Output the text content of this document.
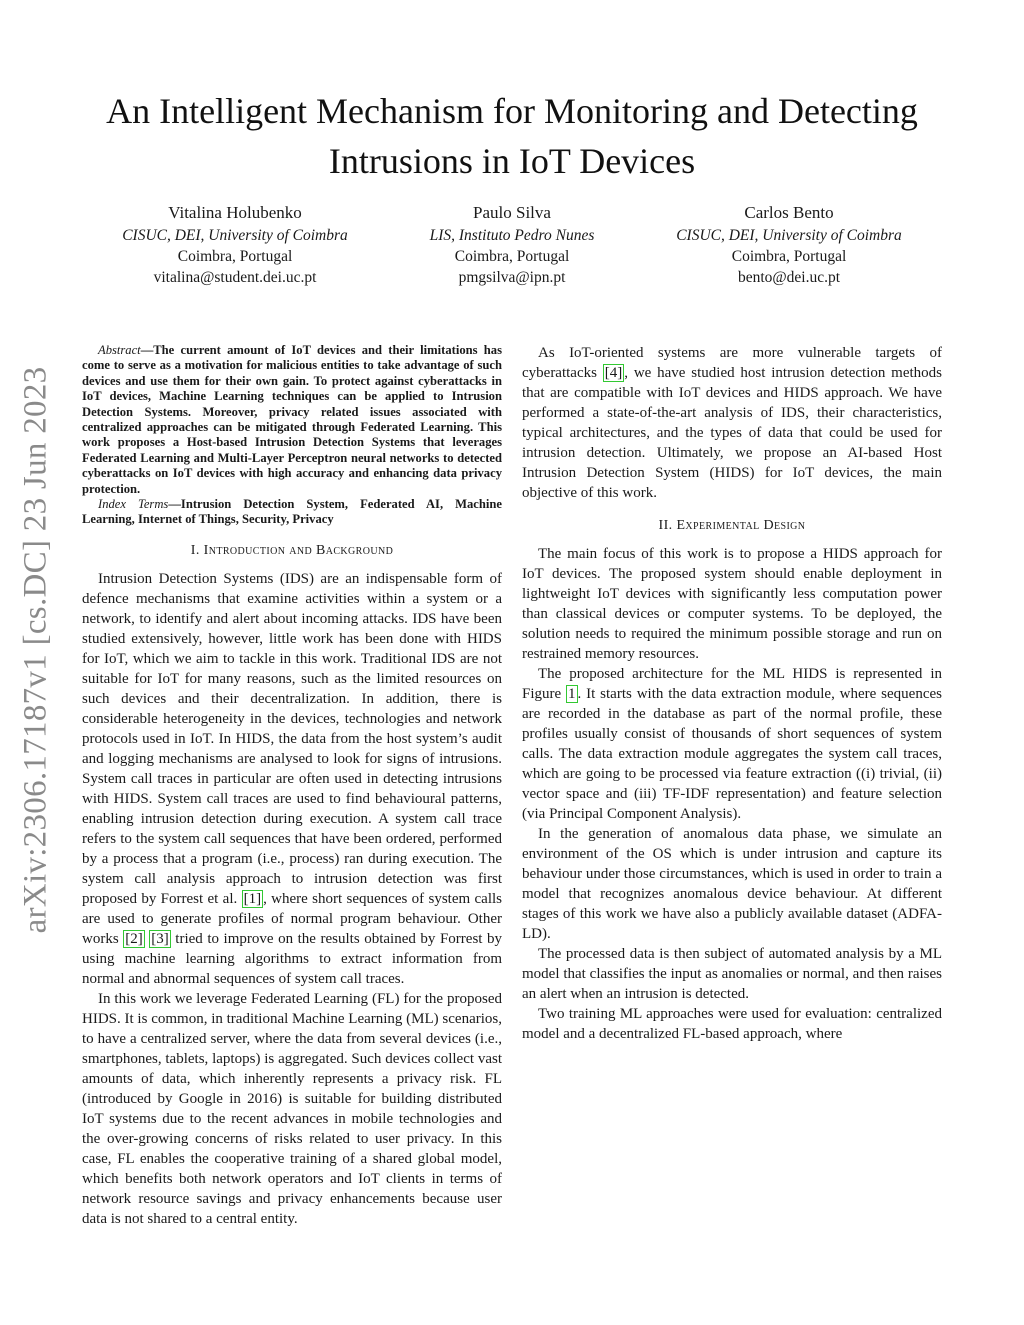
arXiv:2306.17187v1 [cs.DC] 23 Jun 2023
An Intelligent Mechanism for Monitoring and Detecting Intrusions in IoT Devices
Vitalina Holubenko
CISUC, DEI, University of Coimbra
Coimbra, Portugal
vitalina@student.dei.uc.pt
Paulo Silva
LIS, Instituto Pedro Nunes
Coimbra, Portugal
pmgsilva@ipn.pt
Carlos Bento
CISUC, DEI, University of Coimbra
Coimbra, Portugal
bento@dei.uc.pt

Abstract—The current amount of IoT devices and their limitations has come to serve as a motivation for malicious entities to take advantage of such devices and use them for their own gain. To protect against cyberattacks in IoT devices, Machine Learning techniques can be applied to Intrusion Detection Systems. Moreover, privacy related issues associated with centralized approaches can be mitigated through Federated Learning. This work proposes a Host-based Intrusion Detection Systems that leverages Federated Learning and Multi-Layer Perceptron neural networks to detected cyberattacks on IoT devices with high accuracy and enhancing data privacy protection.

Index Terms—Intrusion Detection System, Federated AI, Machine Learning, Internet of Things, Security, Privacy

I. Introduction and Background

Intrusion Detection Systems (IDS) are an indispensable form of defence mechanisms that examine activities within a system or a network, to identify and alert about incoming attacks. IDS have been studied extensively, however, little work has been done with HIDS for IoT, which we aim to tackle in this work. Traditional IDS are not suitable for IoT for many reasons, such as the limited resources on such devices and their decentralization. In addition, there is considerable heterogeneity in the devices, technologies and network protocols used in IoT. In HIDS, the data from the host system’s audit and logging mechanisms are analysed to look for signs of intrusions. System call traces in particular are often used in detecting intrusions with HIDS. System call traces are used to find behavioural patterns, enabling intrusion detection during execution. A system call trace refers to the system call sequences that have been ordered, performed by a process that a program (i.e., process) ran during execution. The system call analysis approach to intrusion detection was first proposed by Forrest et al. [1] , where short sequences of system calls are used to generate profiles of normal program behaviour. Other works [2] [3] tried to improve on the results obtained by Forrest by using machine learning algorithms to extract information from normal and abnormal sequences of system call traces.

In this work we leverage Federated Learning (FL) for the proposed HIDS. It is common, in traditional Machine Learning (ML) scenarios, to have a centralized server, where the data from several devices (i.e., smartphones, tablets, laptops) is aggregated. Such devices collect vast amounts of data, which inherently represents a privacy risk. FL (introduced by Google in 2016) is suitable for building distributed IoT systems due to the recent advances in mobile technologies and the over-growing concerns of risks related to user privacy. In this case, FL enables the cooperative training of a shared global model, which benefits both network operators and IoT clients in terms of network resource savings and privacy enhancements because user data is not shared to a central entity.

As IoT-oriented systems are more vulnerable targets of cyberattacks [4] , we have studied host intrusion detection methods that are compatible with IoT devices and HIDS approach. We have performed a state-of-the-art analysis of IDS, their characteristics, typical architectures, and the types of data that could be used for intrusion detection. Ultimately, we propose an AI-based Host Intrusion Detection System (HIDS) for IoT devices, the main objective of this work.

II. Experimental Design

The main focus of this work is to propose a HIDS approach for IoT devices. The proposed system should enable deployment in lightweight IoT devices with significantly less computation power than classical devices or computer systems. To be deployed, the solution needs to required the minimum possible storage and run on restrained memory resources.

The proposed architecture for the ML HIDS is represented in Figure 1 . It starts with the data extraction module, where sequences are recorded in the database as part of the normal profile, these profiles usually consist of thousands of short sequences of system calls. The data extraction module aggregates the system call traces, which are going to be processed via feature extraction ((i) trivial, (ii) vector space and (iii) TF-IDF representation) and feature selection (via Principal Component Analysis).

In the generation of anomalous data phase, we simulate an environment of the OS which is under intrusion and capture its behaviour under those circumstances, which is used in order to train a model that recognizes anomalous device behaviour. At different stages of this work we have also a publicly available dataset (ADFA-LD).

The processed data is then subject of automated analysis by a ML model that classifies the input as anomalies or normal, and then raises an alert when an intrusion is detected.

Two training ML approaches were used for evaluation: centralized model and a decentralized FL-based approach, where
